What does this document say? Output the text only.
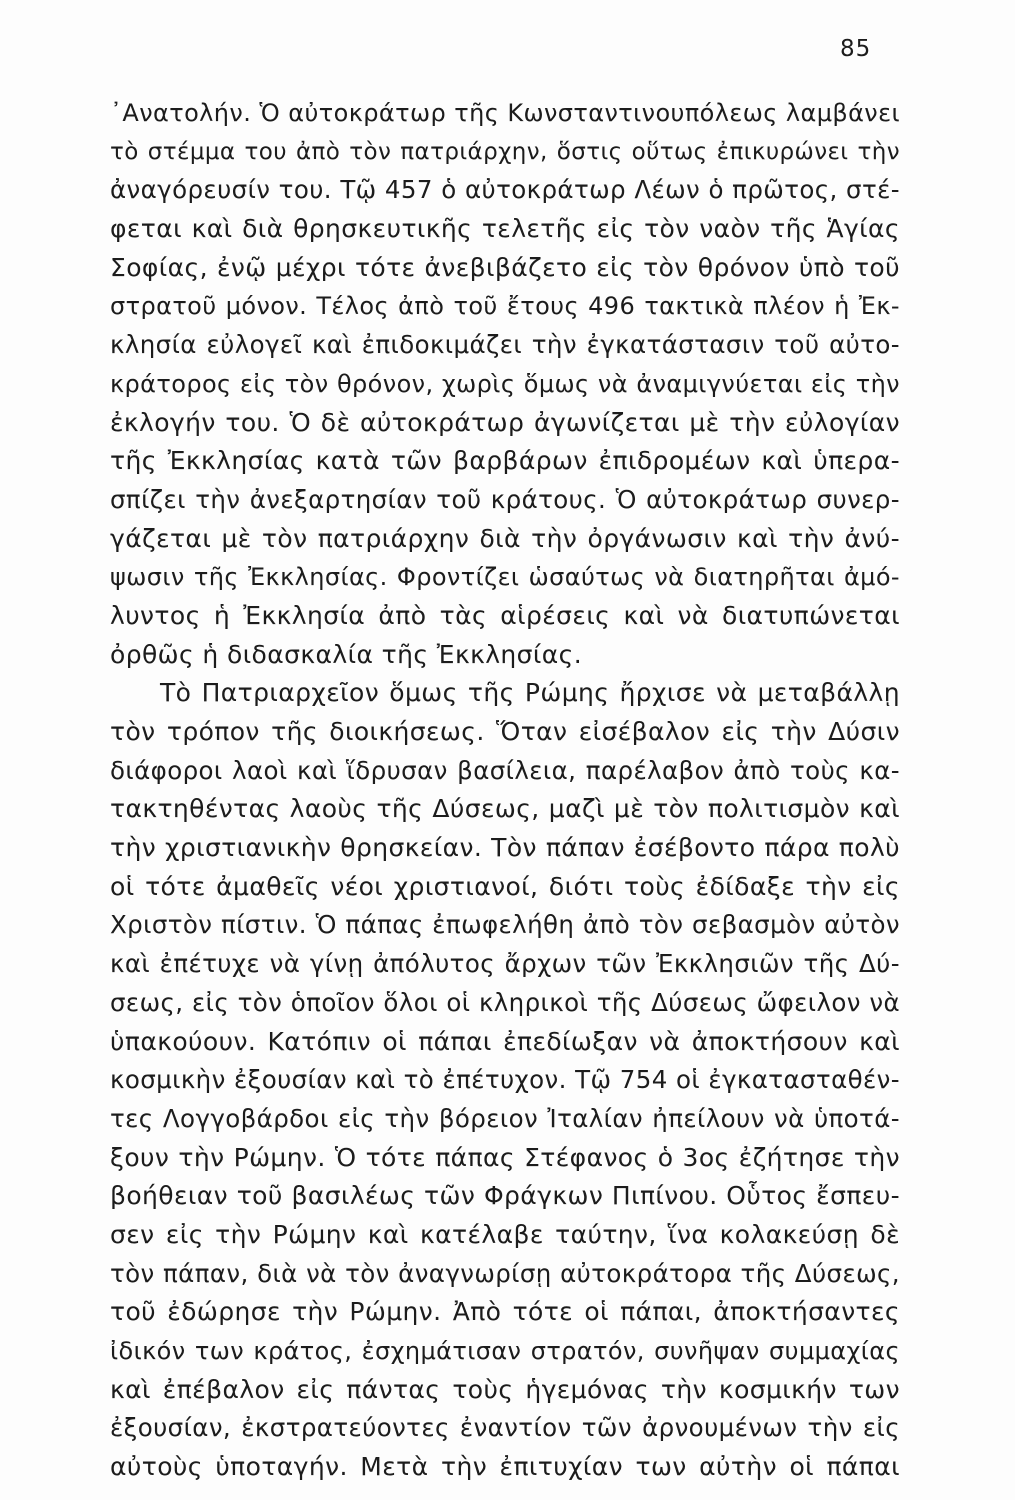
85
᾿Ανατολήν. Ὁ αὐτοκράτωρ τῆς Κωνσταντινουπόλεως λαμβάνει
τὸ στέμμα του ἀπὸ τὸν πατριάρχην, ὅστις οὕτως ἐπικυρώνει τὴν
ἀναγόρευσίν του. Τῷ 457 ὁ αὐτοκράτωρ Λέων ὁ πρῶτος, στέ-
φεται καὶ διὰ θρησκευτικῆς τελετῆς εἰς τὸν ναὸν τῆς Ἁγίας
Σοφίας, ἐνῷ μέχρι τότε ἀνεβιβάζετο εἰς τὸν θρόνον ὑπὸ τοῦ
στρατοῦ μόνον. Τέλος ἀπὸ τοῦ ἔτους 496 τακτικὰ πλέον ἡ Ἐκ-
κλησία εὐλογεῖ καὶ ἐπιδοκιμάζει τὴν ἐγκατάστασιν τοῦ αὐτο-
κράτορος εἰς τὸν θρόνον, χωρὶς ὅμως νὰ ἀναμιγνύεται εἰς τὴν
ἐκλογήν του. Ὁ δὲ αὐτοκράτωρ ἀγωνίζεται μὲ τὴν εὐλογίαν
τῆς Ἐκκλησίας κατὰ τῶν βαρβάρων ἐπιδρομέων καὶ ὑπερα-
σπίζει τὴν ἀνεξαρτησίαν τοῦ κράτους. Ὁ αὐτοκράτωρ συνερ-
γάζεται μὲ τὸν πατριάρχην διὰ τὴν ὀργάνωσιν καὶ τὴν ἀνύ-
ψωσιν τῆς Ἐκκλησίας. Φροντίζει ὡσαύτως νὰ διατηρῆται ἀμό-
λυντος ἡ Ἐκκλησία ἀπὸ τὰς αἱρέσεις καὶ νὰ διατυπώνεται
ὀρθῶς ἡ διδασκαλία τῆς Ἐκκλησίας.
Τὸ Πατριαρχεῖον ὅμως τῆς Ρώμης ἤρχισε νὰ μεταβάλλῃ
τὸν τρόπον τῆς διοικήσεως. Ὅταν εἰσέβαλον εἰς τὴν Δύσιν
διάφοροι λαοὶ καὶ ἵδρυσαν βασίλεια, παρέλαβον ἀπὸ τοὺς κα-
τακτηθέντας λαοὺς τῆς Δύσεως, μαζὶ μὲ τὸν πολιτισμὸν καὶ
τὴν χριστιανικὴν θρησκείαν. Τὸν πάπαν ἐσέβοντο πάρα πολὺ
οἱ τότε ἀμαθεῖς νέοι χριστιανοί, διότι τοὺς ἐδίδαξε τὴν εἰς
Χριστὸν πίστιν. Ὁ πάπας ἐπωφελήθη ἀπὸ τὸν σεβασμὸν αὐτὸν
καὶ ἐπέτυχε νὰ γίνῃ ἀπόλυτος ἄρχων τῶν Ἐκκλησιῶν τῆς Δύ-
σεως, εἰς τὸν ὁποῖον ὅλοι οἱ κληρικοὶ τῆς Δύσεως ὤφειλον νὰ
ὑπακούουν. Κατόπιν οἱ πάπαι ἐπεδίωξαν νὰ ἀποκτήσουν καὶ
κοσμικὴν ἐξουσίαν καὶ τὸ ἐπέτυχον. Τῷ 754 οἱ ἐγκατασταθέν-
τες Λογγοβάρδοι εἰς τὴν βόρειον Ἰταλίαν ἠπείλουν νὰ ὑποτά-
ξουν τὴν Ρώμην. Ὁ τότε πάπας Στέφανος ὁ 3ος ἐζήτησε τὴν
βοήθειαν τοῦ βασιλέως τῶν Φράγκων Πιπίνου. Οὗτος ἔσπευ-
σεν εἰς τὴν Ρώμην καὶ κατέλαβε ταύτην, ἵνα κολακεύσῃ δὲ
τὸν πάπαν, διὰ νὰ τὸν ἀναγνωρίσῃ αὐτοκράτορα τῆς Δύσεως,
τοῦ ἐδώρησε τὴν Ρώμην. Ἀπὸ τότε οἱ πάπαι, ἀποκτήσαντες
ἰδικόν των κράτος, ἐσχημάτισαν στρατόν, συνῆψαν συμμαχίας
καὶ ἐπέβαλον εἰς πάντας τοὺς ἡγεμόνας τὴν κοσμικήν των
ἐξουσίαν, ἐκστρατεύοντες ἐναντίον τῶν ἀρνουμένων τὴν εἰς
αὐτοὺς ὑποταγήν. Μετὰ τὴν ἐπιτυχίαν των αὐτὴν οἱ πάπαι
